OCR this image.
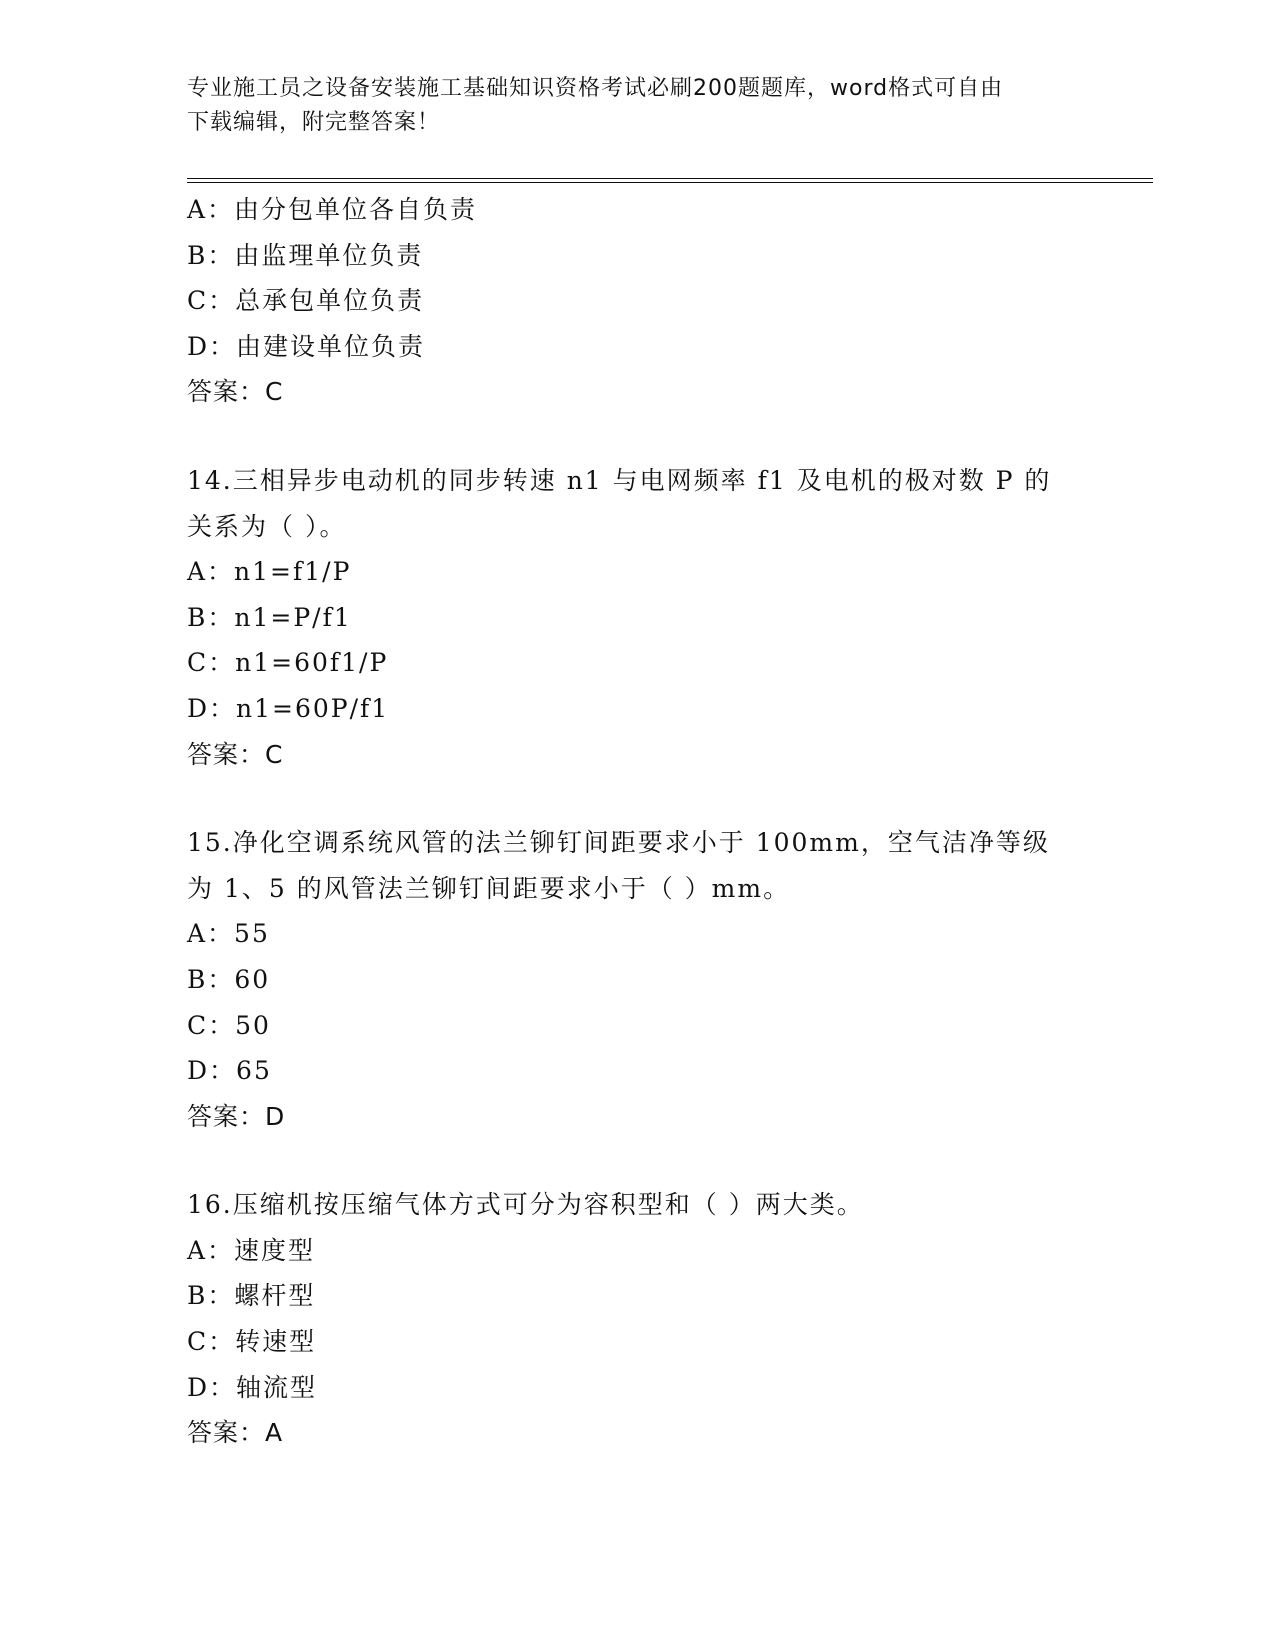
专业施工员之设备安装施工基础知识资格考试必刷200题题库，word格式可自由
下载编辑，附完整答案！
A：由分包单位各自负责
B：由监理单位负责
C：总承包单位负责
D：由建设单位负责
答案：C
14.三相异步电动机的同步转速 n1 与电网频率 f1 及电机的极对数 P 的
关系为（ ）。
A：n1=f1/P
B：n1=P/f1
C：n1=60f1/P
D：n1=60P/f1
答案：C
15.净化空调系统风管的法兰铆钉间距要求小于 100mm，空气洁净等级
为 1、5 的风管法兰铆钉间距要求小于（ ）mm。
A：55
B：60
C：50
D：65
答案：D
16.压缩机按压缩气体方式可分为容积型和（ ）两大类。
A：速度型
B：螺杆型
C：转速型
D：轴流型
答案：A
